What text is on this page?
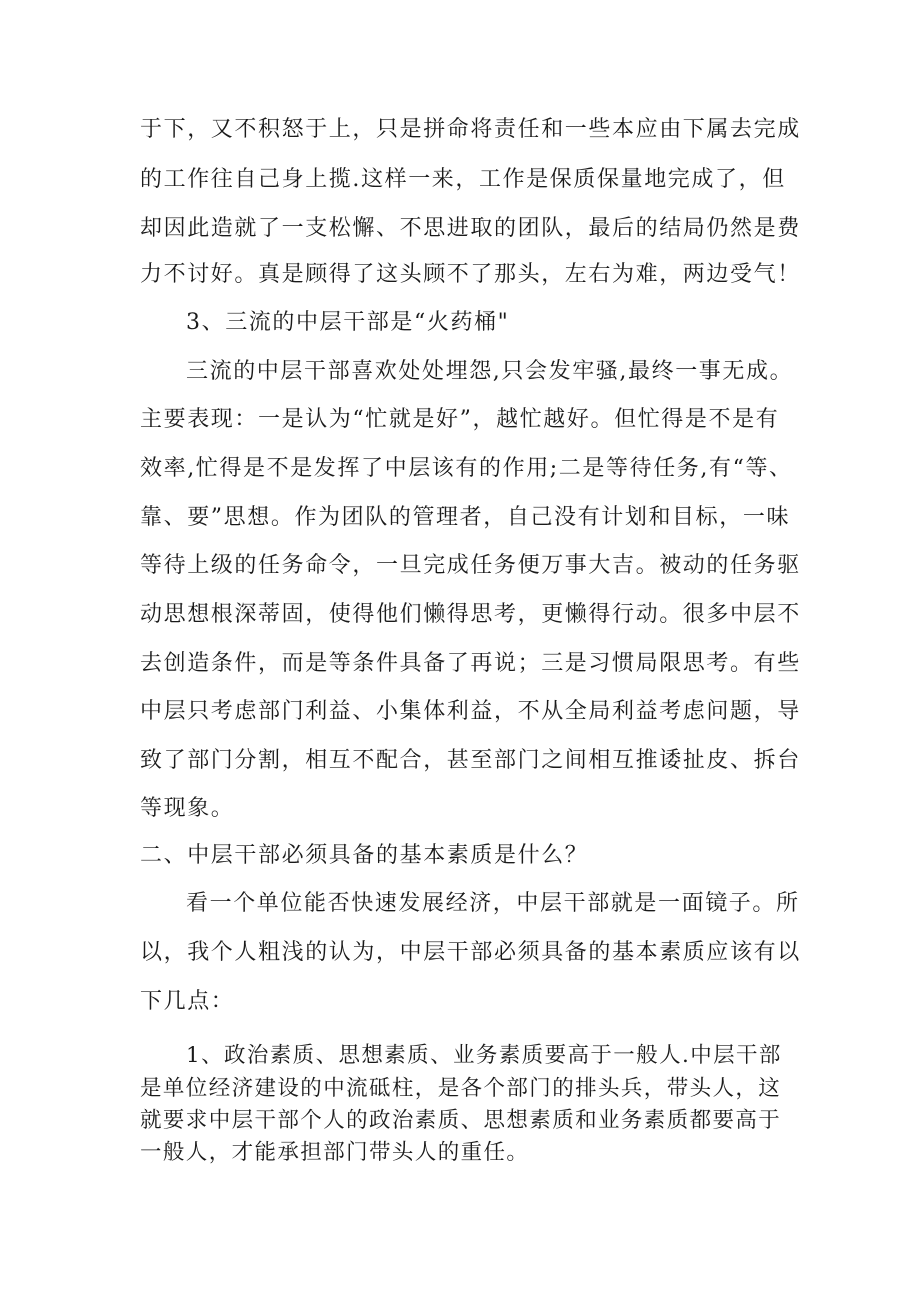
于下，又不积怒于上，只是拼命将责任和一些本应由下属去完成
的工作往自己身上揽.这样一来，工作是保质保量地完成了，但
却因此造就了一支松懈、不思进取的团队，最后的结局仍然是费
力不讨好。真是顾得了这头顾不了那头，左右为难，两边受气！
3、三流的中层干部是“火药桶"
三流的中层干部喜欢处处埋怨,只会发牢骚,最终一事无成。
主要表现：一是认为“忙就是好”，越忙越好。但忙得是不是有
效率,忙得是不是发挥了中层该有的作用;二是等待任务,有“等、
靠、要”思想。作为团队的管理者，自己没有计划和目标，一味
等待上级的任务命令，一旦完成任务便万事大吉。被动的任务驱
动思想根深蒂固，使得他们懒得思考，更懒得行动。很多中层不
去创造条件，而是等条件具备了再说；三是习惯局限思考。有些
中层只考虑部门利益、小集体利益，不从全局利益考虑问题，导
致了部门分割，相互不配合，甚至部门之间相互推诿扯皮、拆台
等现象。
二、中层干部必须具备的基本素质是什么？
看一个单位能否快速发展经济，中层干部就是一面镜子。所
以，我个人粗浅的认为，中层干部必须具备的基本素质应该有以
下几点：
1、政治素质、思想素质、业务素质要高于一般人.中层干部
是单位经济建设的中流砥柱，是各个部门的排头兵，带头人，这
就要求中层干部个人的政治素质、思想素质和业务素质都要高于
一般人，才能承担部门带头人的重任。
